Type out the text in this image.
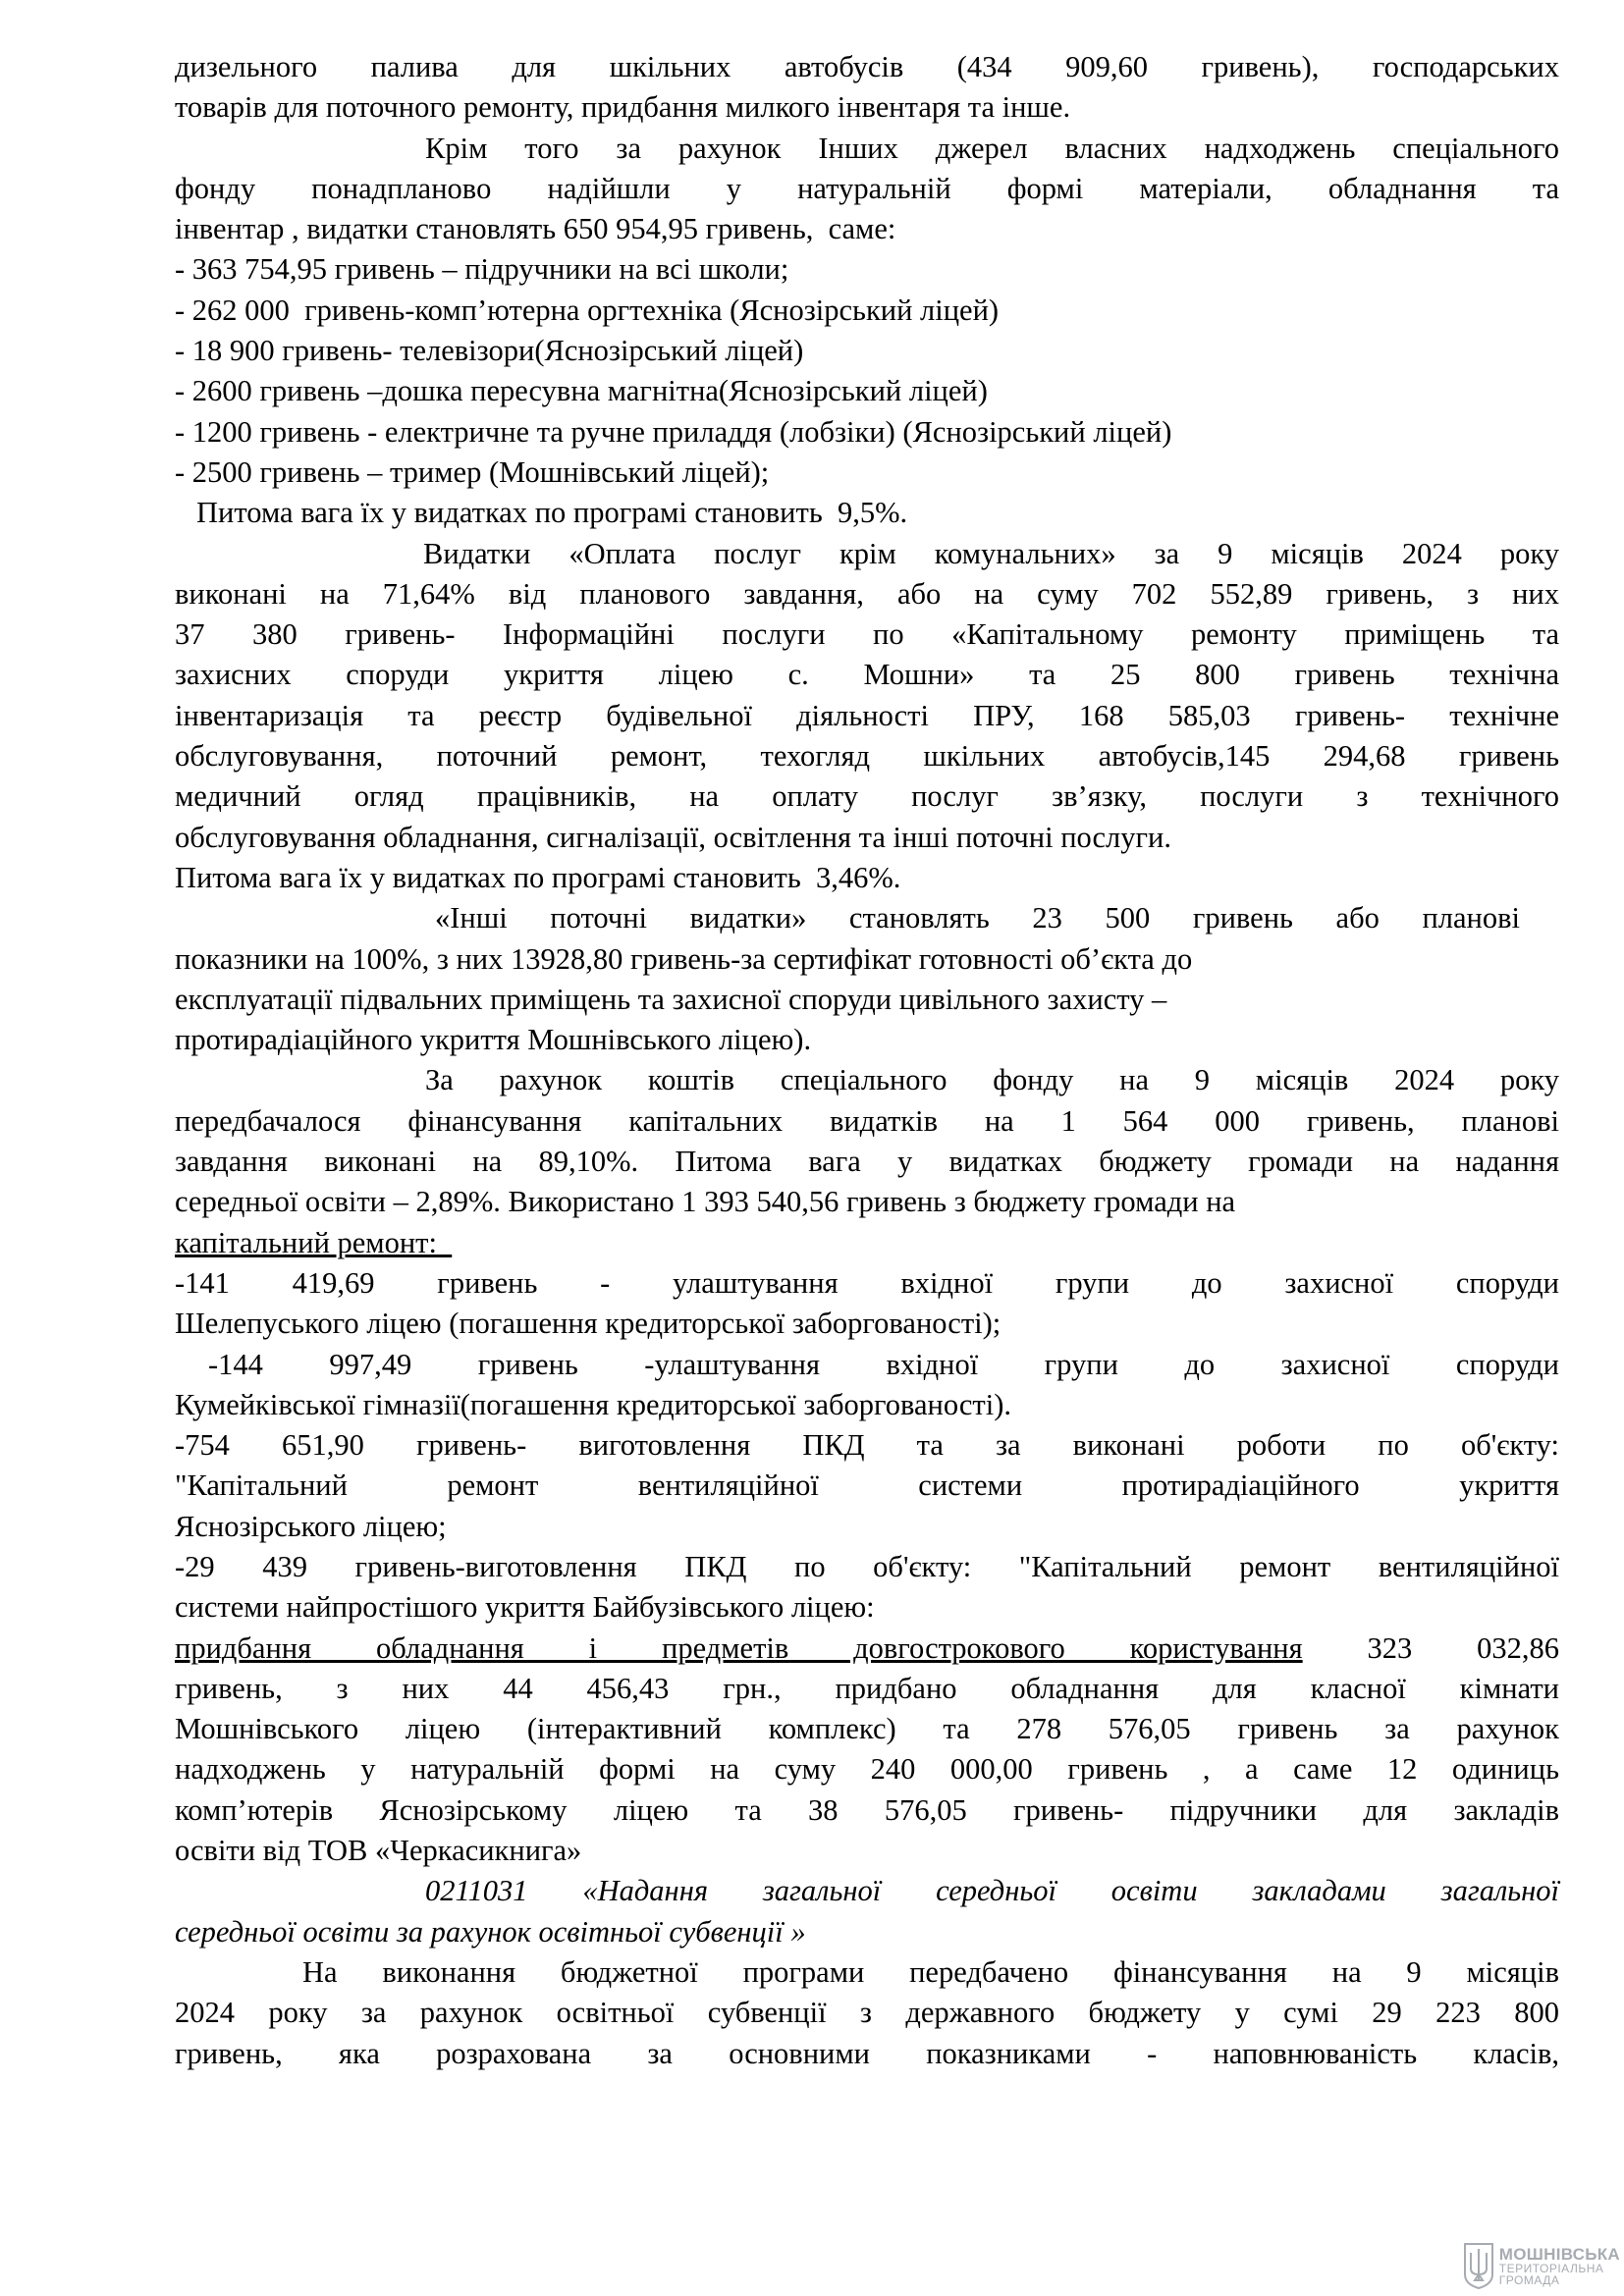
дизельного палива для шкільних автобусів (434 909,60 гривень), господарських
товарів для поточного ремонту, придбання милкого інвентаря та інше.
Крім того за рахунок Інших джерел власних надходжень спеціального
фонду понадплановo надійшли у натуральній формі матеріали, обладнання та
інвентар , видатки становлять 650 954,95 гривень,  саме:
- 363 754,95 гривень – підручники на всі школи;
- 262 000  гривень-комп’ютерна оргтехніка (Яснозірський ліцей)
- 18 900 гривень- телевізори(Яснозірський ліцей)
- 2600 гривень –дошка пересувна магнітна(Яснозірський ліцей)
- 1200 гривень - електричне та ручне приладдя (лобзіки) (Яснозірський ліцей)
- 2500 гривень – тример (Мошнівський ліцей);
Питома вага їх у видатках по програмі становить  9,5%.
Видатки «Оплата послуг крім комунальних» за 9 місяців 2024 року
виконані на 71,64% від планового завдання, або на суму 702 552,89 гривень, з них
37 380 гривень- Інформаційні послуги по «Капітальному ремонту приміщень та
захисних споруди укриття ліцею с. Мошни» та 25 800 гривень технічна
інвентаризація та реєстр будівельної діяльності ПРУ, 168 585,03 гривень- технічне
обслуговування, поточний ремонт, техогляд шкільних автобусів,145 294,68 гривень
медичний огляд працівників, на оплату послуг зв’язку, послуги з технічного
обслуговування обладнання, сигналізації, освітлення та інші поточні послуги.
Питома вага їх у видатках по програмі становить  3,46%.
«Інші поточні видатки» становлять 23 500 гривень або планові
показники на 100%, з них 13928,80 гривень-за сертифікат готовності об’єкта до
експлуатації підвальних приміщень та захисної споруди цивільного захисту –
протирадіаційного укриття Мошнівського ліцею).
За рахунок коштів спеціального фонду на 9 місяців 2024 року
передбачалося фінансування капітальних видатків на 1 564 000 гривень, планові
завдання виконані на 89,10%. Питома вага у видатках бюджету громади на надання
середньої освіти – 2,89%. Використано 1 393 540,56 гривень з бюджету громади на
капітальний ремонт:
-141 419,69 гривень - улаштування вхідної групи до захисної споруди
Шелепуського ліцею (погашення кредиторської заборгованості);
-144 997,49 гривень -улаштування вхідної групи до захисної споруди
Кумейківської гімназії(погашення кредиторської заборгованості).
-754 651,90 гривень- виготовлення ПКД та за виконані роботи по об'єкту:
"Капітальний ремонт вентиляційної системи протирадіаційного укриття
Яснозірського ліцею;
-29 439 гривень-виготовлення ПКД по об'єкту: "Капітальний ремонт вентиляційної
системи найпростішого укриття Байбузівського ліцею:
придбання обладнання і предметів довгострокового користування 323 032,86
гривень, з них 44 456,43 грн., придбано обладнання для класної кімнати
Мошнівського ліцею (інтерактивний комплекс) та 278 576,05 гривень за рахунок
надходжень у натуральній формі на суму 240 000,00 гривень , а саме 12 одиниць
комп’ютерів Яснозірському ліцею та 38 576,05 гривень- підручники для закладів
освіти від ТОВ «Черкасикнига»
0211031 «Надання загальної середньої освіти закладами загальної
середньої освіти за рахунок освітньої субвенції »
На виконання бюджетної програми передбачено фінансування на 9 місяців
2024 року за рахунок освітньої субвенції з державного бюджету у сумі 29 223 800
гривень, яка розрахована за основними показниками - наповнюваність класів,
МОШНІВСЬКА
ТЕРИТОРІАЛЬНА
ГРОМАДА
